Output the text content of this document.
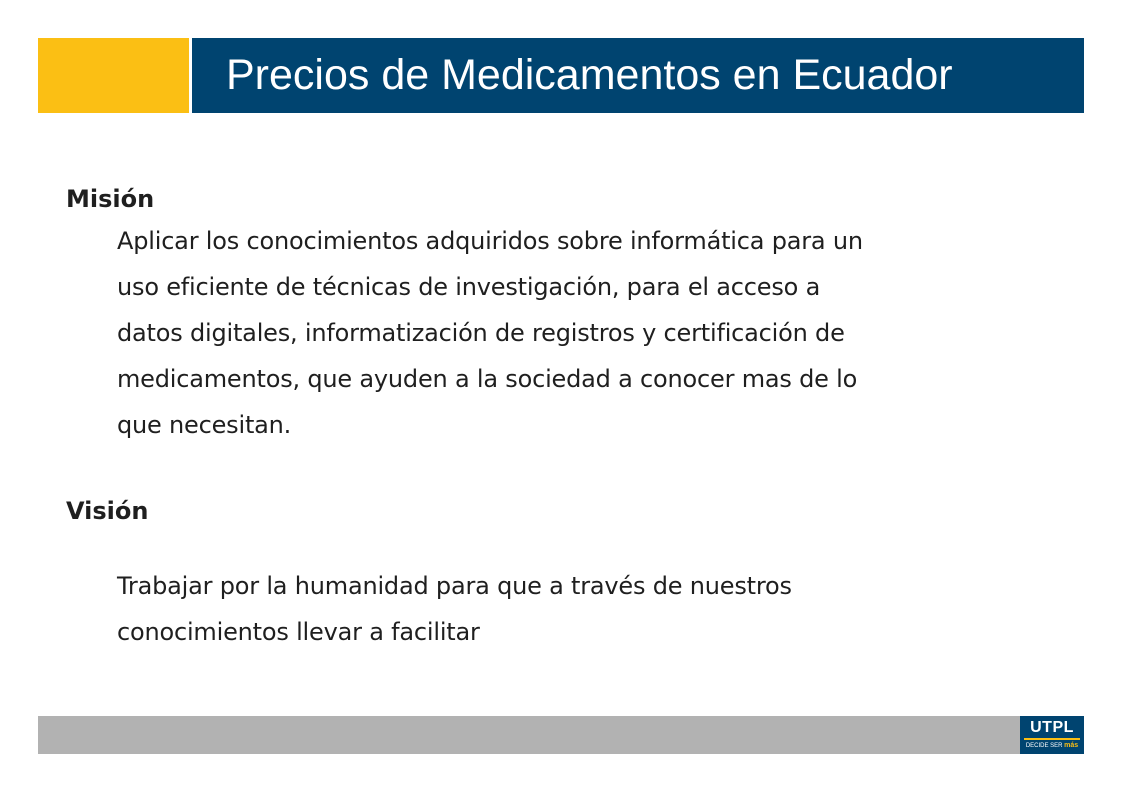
Precios de Medicamentos en Ecuador

Misión

Aplicar los conocimientos adquiridos sobre informática para un
uso eficiente de técnicas de investigación, para el acceso a
datos digitales, informatización de registros y certificación de
medicamentos, que ayuden a la sociedad a conocer mas de lo
que necesitan.

Visión

Trabajar por la humanidad para que a través de nuestros
conocimientos llevar a facilitar

UTPL
DECIDE SER más
